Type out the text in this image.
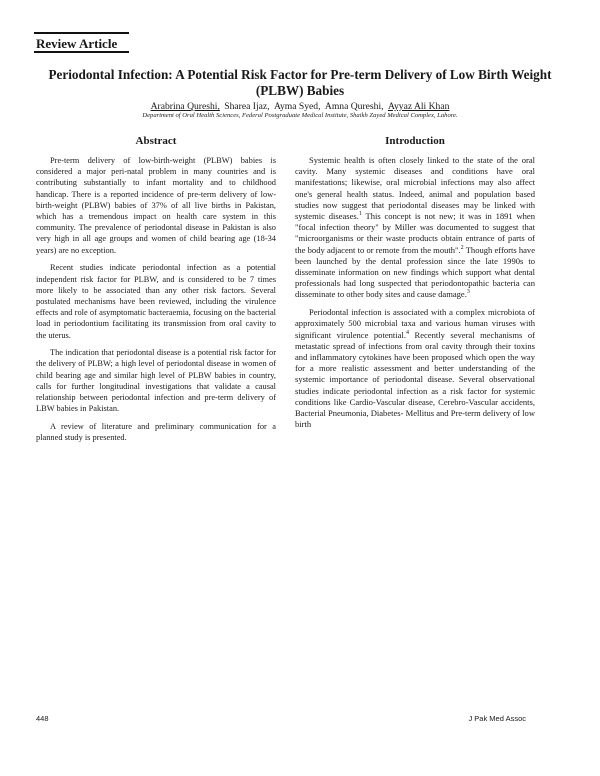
Review Article
Periodontal Infection: A Potential Risk Factor for Pre-term Delivery of Low Birth Weight (PLBW) Babies
Arabrina Qureshi, Sharea Ijaz, Ayma Syed, Amna Qureshi, Ayyaz Ali Khan
Department of Oral Health Sciences, Federal Postgraduate Medical Institute, Shaikh Zayed Medical Complex, Lahore.
Abstract

Pre-term delivery of low-birth-weight (PLBW) babies is considered a major peri-natal problem in many countries and is contributing substantially to infant mortality and to childhood handicap. There is a reported incidence of pre-term delivery of low-birth-weight (PLBW) babies of 37% of all live births in Pakistan, which has a tremendous impact on health care system in this community. The prevalence of periodontal disease in Pakistan is also very high in all age groups and women of child bearing age (18-34 years) are no exception.

Recent studies indicate periodontal infection as a potential independent risk factor for PLBW, and is considered to be 7 times more likely to be associated than any other risk factors. Several postulated mechanisms have been reviewed, including the virulence effects and role of asymptomatic bacteraemia, focusing on the bacterial load in periodontium facilitating its transmission from oral cavity to the uterus.

The indication that periodontal disease is a potential risk factor for the delivery of PLBW; a high level of periodontal disease in women of child bearing age and similar high level of PLBW babies in country, calls for further longitudinal investigations that validate a causal relationship between periodontal infection and pre-term delivery of LBW babies in Pakistan.

A review of literature and preliminary communication for a planned study is presented.

Introduction

Systemic health is often closely linked to the state of the oral cavity. Many systemic diseases and conditions have oral manifestations; likewise, oral microbial infections may also affect one's general health status. Indeed, animal and population based studies now suggest that periodontal diseases may be linked with systemic diseases.$^1$ This concept is not new; it was in 1891 when "focal infection theory" by Miller was documented to suggest that "microorganisms or their waste products obtain entrance of parts of the body adjacent to or remote from the mouth".$^2$ Though efforts have been launched by the dental profession since the late 1990s to disseminate information on new findings which support what dental professionals had long suspected that periodontopathic bacteria can disseminate to other body sites and cause damage.$^3$

Periodontal infection is associated with a complex microbiota of approximately 500 microbial taxa and various human viruses with significant virulence potential.$^4$ Recently several mechanisms of metastatic spread of infections from oral cavity through their toxins and inflammatory cytokines have been proposed which open the way for a more realistic assessment and better understanding of the systemic importance of periodontal disease. Several observational studies indicate periodontal infection as a risk factor for systemic conditions like Cardio-Vascular disease, Cerebro-Vascular accidents, Bacterial Pneumonia, Diabetes- Mellitus and Pre-term delivery of low birth

448	J Pak Med Assoc
